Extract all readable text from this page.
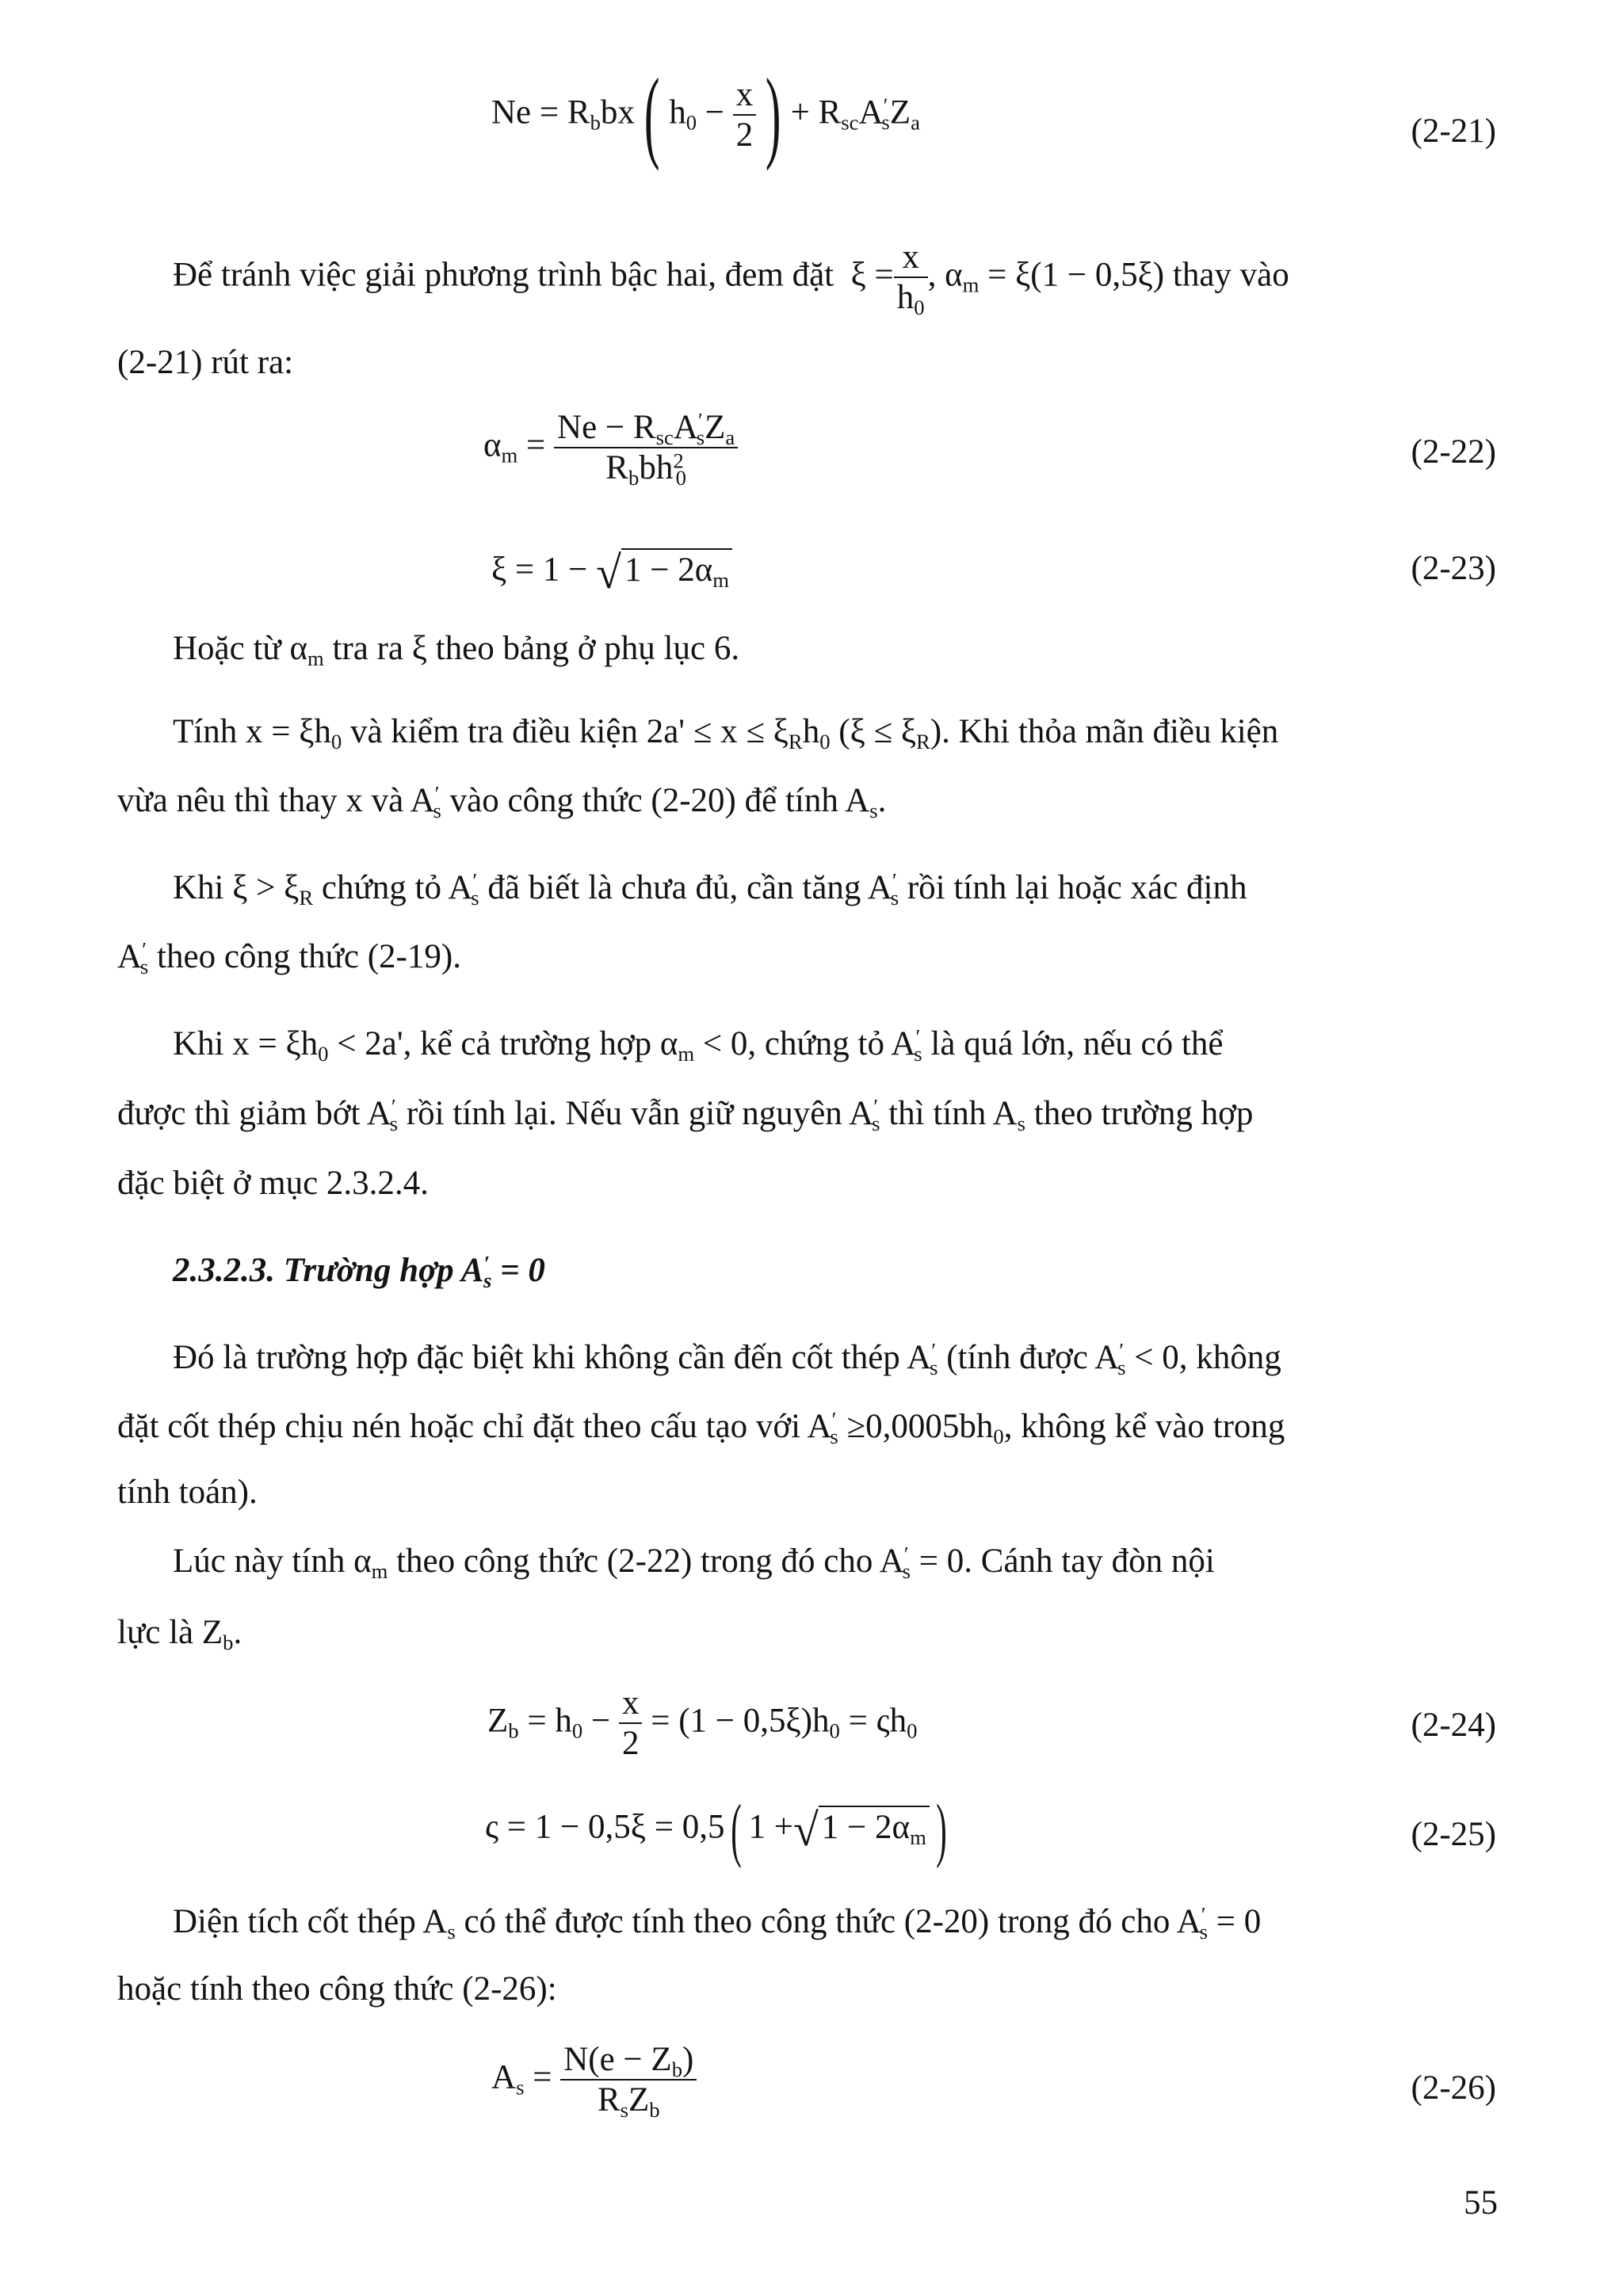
$Ne = R_bbx$( $h_0 - \frac{x}{2}$ ) + $R_{sc}A'_sZ_a$	(2-21)
Để tránh việc giải phương trình bậc hai, đem đặt $\xi = \frac{x}{h_0}$ , $\alpha_m = \xi(1 - 0,5\xi)$ thay vào
(2-21) rút ra:
$\alpha_m = \frac{Ne - R_{sc}A'_sZ_a}{R_bbh^2_0}$	(2-22)
$\xi = 1 - √1 - 2\alpha_m$	(2-23)
Hoặc từ $\alpha_m$ tra ra ξ theo bảng ở phụ lục 6.
Tính $x = \xi h_0$ và kiểm tra điều kiện $2a' \le x \le \xi_Rh_0$ $(\xi \le \xi_R)$. Khi thỏa mãn điều kiện
vừa nêu thì thay x và $A'_s$ vào công thức (2-20) để tính $A_s$.
Khi $\xi > \xi_R$ chứng tỏ $A'_s$ đã biết là chưa đủ, cần tăng $A'_s$ rồi tính lại hoặc xác định
$A'_s$ theo công thức (2-19).
Khi $x = \xi h_0 < 2a'$, kể cả trường hợp $\alpha_m < 0$, chứng tỏ $A'_s$ là quá lớn, nếu có thể
được thì giảm bớt $A'_s$ rồi tính lại. Nếu vẫn giữ nguyên $A'_s$ thì tính $A_s$ theo trường hợp
đặc biệt ở mục 2.3.2.4.
2.3.2.3. Trường hợp $A'_s = 0$
Đó là trường hợp đặc biệt khi không cần đến cốt thép $A'_s$ (tính được $A'_s < 0$, không
đặt cốt thép chịu nén hoặc chỉ đặt theo cấu tạo với $A'_s \ge 0,0005bh_0$, không kể vào trong
tính toán).
Lúc này tính $\alpha_m$ theo công thức (2-22) trong đó cho $A'_s = 0$. Cánh tay đòn nội
lực là $Z_b$.
$Z_b = h_0 - \frac{x}{2} = (1 - 0,5\xi)h_0 = \varsigma h_0$	(2-24)
ς = 1 − 0,5ξ = 0,5( $1 +√1 - 2\alpha_m$ )	(2-25)
Diện tích cốt thép $A_s$ có thể được tính theo công thức (2-20) trong đó cho $A'_s = 0$
hoặc tính theo công thức (2-26):
$A_s = \frac{N(e - Z_b)}{R_sZ_b}$	(2-26)
55
